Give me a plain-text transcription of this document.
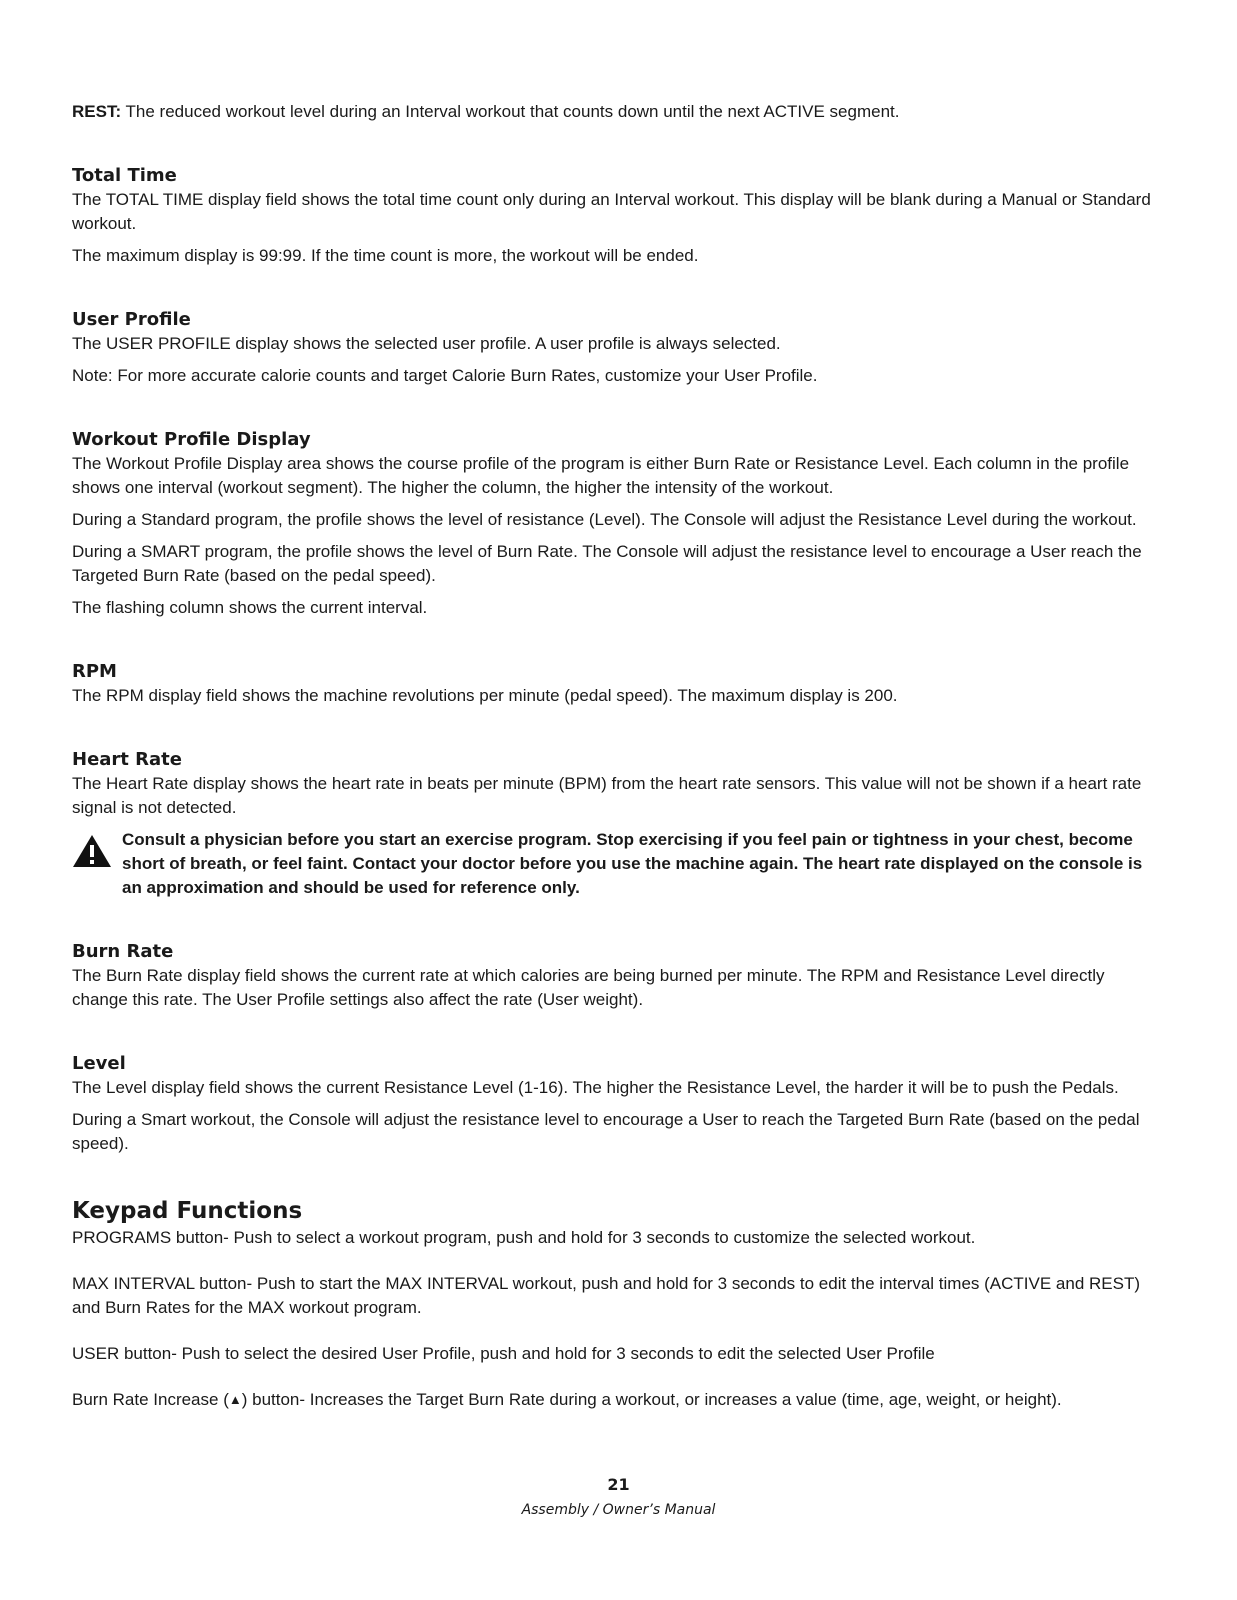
REST: The reduced workout level during an Interval workout that counts down until the next ACTIVE segment.

Total Time

The TOTAL TIME display field shows the total time count only during an Interval workout. This display will be blank during a Manual or Standard workout.

The maximum display is 99:99. If the time count is more, the workout will be ended.

User Profile

The USER PROFILE display shows the selected user profile. A user profile is always selected.

Note: For more accurate calorie counts and target Calorie Burn Rates, customize your User Profile.

Workout Profile Display

The Workout Profile Display area shows the course profile of the program is either Burn Rate or Resistance Level. Each column in the profile shows one interval (workout segment). The higher the column, the higher the intensity of the workout.

During a Standard program, the profile shows the level of resistance (Level). The Console will adjust the Resistance Level during the workout.

During a SMART program, the profile shows the level of Burn Rate. The Console will adjust the resistance level to encourage a User reach the Targeted Burn Rate (based on the pedal speed).

The flashing column shows the current interval.

RPM

The RPM display field shows the machine revolutions per minute (pedal speed). The maximum display is 200.

Heart Rate

The Heart Rate display shows the heart rate in beats per minute (BPM) from the heart rate sensors. This value will not be shown if a heart rate signal is not detected.

Consult a physician before you start an exercise program. Stop exercising if you feel pain or tightness in your chest, become short of breath, or feel faint. Contact your doctor before you use the machine again. The heart rate displayed on the console is an approximation and should be used for reference only.

Burn Rate

The Burn Rate display field shows the current rate at which calories are being burned per minute. The RPM and Resistance Level directly change this rate. The User Profile settings also affect the rate (User weight).

Level

The Level display field shows the current Resistance Level (1-16). The higher the Resistance Level, the harder it will be to push the Pedals.

During a Smart workout, the Console will adjust the resistance level to encourage a User to reach the Targeted Burn Rate (based on the pedal speed).

Keypad Functions

PROGRAMS button- Push to select a workout program, push and hold for 3 seconds to customize the selected workout.

MAX INTERVAL button- Push to start the MAX INTERVAL workout, push and hold for 3 seconds to edit the interval times (ACTIVE and REST) and Burn Rates for the MAX workout program.

USER button- Push to select the desired User Profile, push and hold for 3 seconds to edit the selected User Profile

Burn Rate Increase (▲) button- Increases the Target Burn Rate during a workout, or increases a value (time, age, weight, or height).

21
Assembly / Owner’s Manual
